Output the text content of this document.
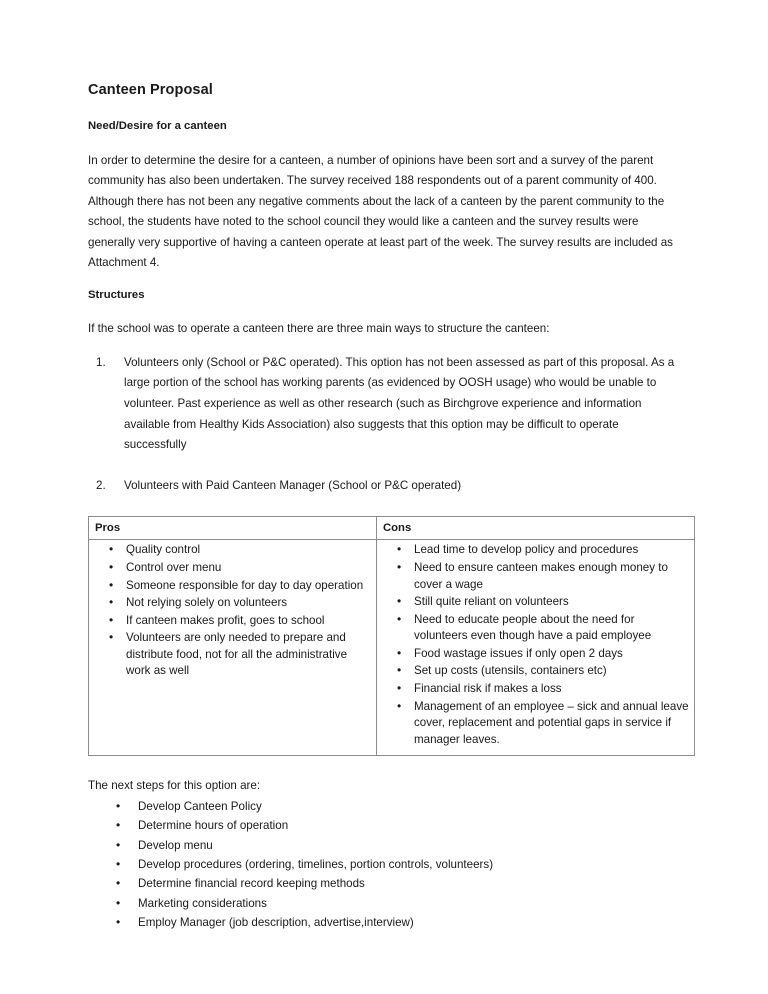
Canteen Proposal
Need/Desire for a canteen

In order to determine the desire for a canteen, a number of opinions have been sort and a survey of the parent community has also been undertaken. The survey received 188 respondents out of a parent community of 400. Although there has not been any negative comments about the lack of a canteen by the parent community to the school, the students have noted to the school council they would like a canteen and the survey results were generally very supportive of having a canteen operate at least part of the week. The survey results are included as Attachment 4.

Structures

If the school was to operate a canteen there are three main ways to structure the canteen:

1.	Volunteers only (School or P&C operated). This option has not been assessed as part of this proposal. As a large portion of the school has working parents (as evidenced by OOSH usage) who would be unable to volunteer. Past experience as well as other research (such as Birchgrove experience and information available from Healthy Kids Association) also suggests that this option may be difficult to operate successfully
2.	Volunteers with Paid Canteen Manager (School or P&C operated)
Pros	Cons

• Quality control
• Control over menu
• Someone responsible for day to day operation
• Not relying solely on volunteers
• If canteen makes profit, goes to school
• Volunteers are only needed to prepare and distribute food, not for all the administrative work as well

• Lead time to develop policy and procedures
• Need to ensure canteen makes enough money to cover a wage
• Still quite reliant on volunteers
• Need to educate people about the need for volunteers even though have a paid employee
• Food wastage issues if only open 2 days
• Set up costs (utensils, containers etc)
• Financial risk if makes a loss
• Management of an employee – sick and annual leave cover, replacement and potential gaps in service if manager leaves.

The next steps for this option are:

• Develop Canteen Policy
• Determine hours of operation
• Develop menu
• Develop procedures (ordering, timelines, portion controls, volunteers)
• Determine financial record keeping methods
• Marketing considerations
• Employ Manager (job description, advertise,interview)
